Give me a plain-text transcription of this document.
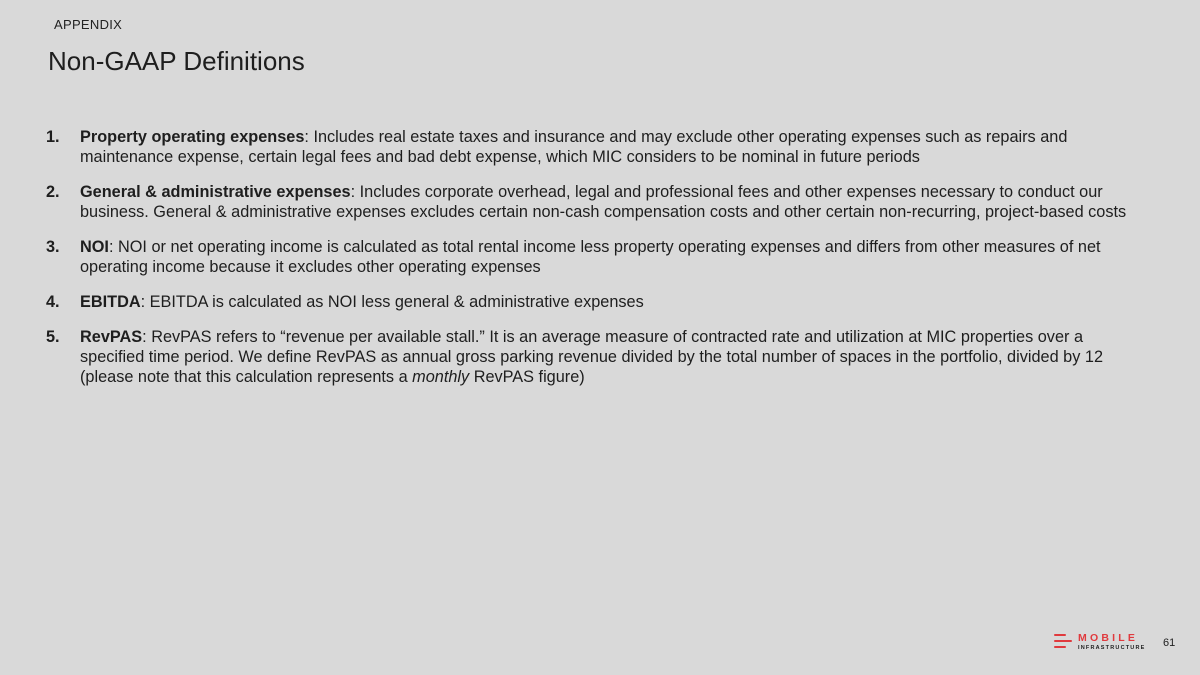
APPENDIX
Non-GAAP Definitions
1.	Property operating expenses: Includes real estate taxes and insurance and may exclude other operating expenses such as repairs and maintenance expense, certain legal fees and bad debt expense, which MIC considers to be nominal in future periods
2.	General & administrative expenses: Includes corporate overhead, legal and professional fees and other expenses necessary to conduct our business. General & administrative expenses excludes certain non-cash compensation costs and other certain non-recurring, project-based costs
3.	NOI: NOI or net operating income is calculated as total rental income less property operating expenses and differs from other measures of net operating income because it excludes other operating expenses
4.	EBITDA: EBITDA is calculated as NOI less general & administrative expenses
5.	RevPAS: RevPAS refers to “revenue per available stall.” It is an average measure of contracted rate and utilization at MIC properties over a specified time period. We define RevPAS as annual gross parking revenue divided by the total number of spaces in the portfolio, divided by 12 (please note that this calculation represents a monthly RevPAS figure)
MOBILE
INFRASTRUCTURE 61
